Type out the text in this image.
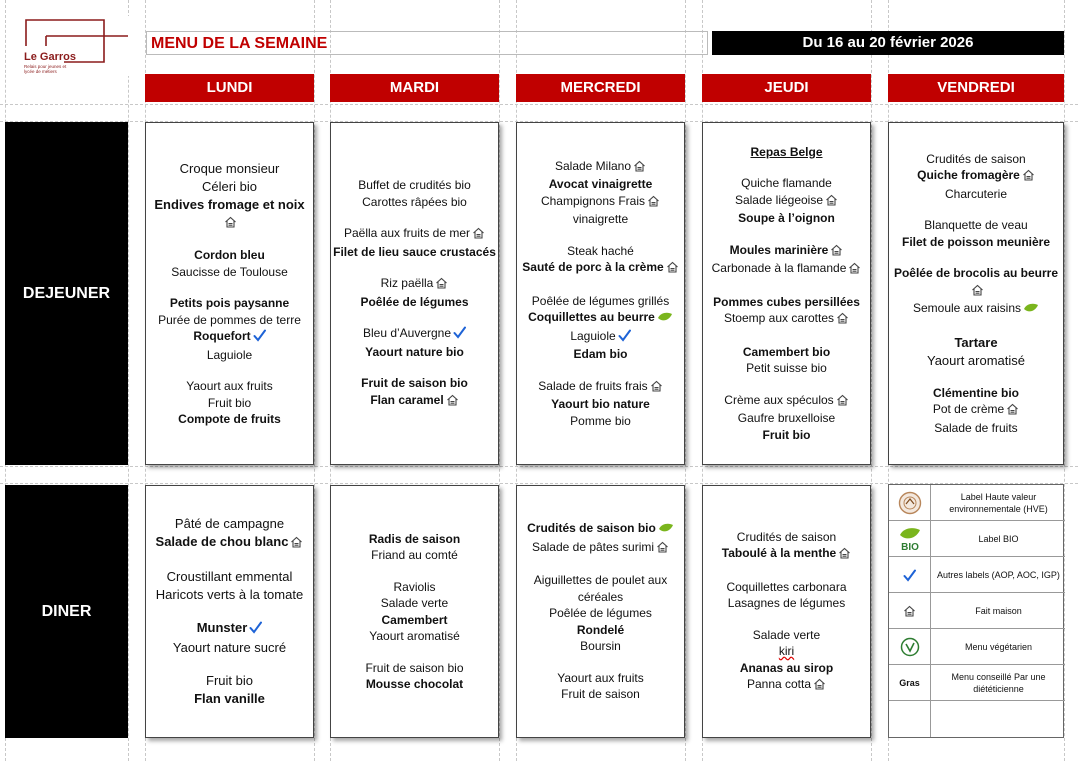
Le Garros
Relais pour jeunes et lycée de métiers
MENU DE LA SEMAINE	Du 16 au 20 février 2026
LUNDI	MARDI	MERCREDI	JEUDI	VENDREDI
DEJEUNER
DINER
Croque monsieur
Céleri bio
Endives fromage et noix
Cordon bleu
Saucisse de Toulouse
Petits pois paysanne
Purée de pommes de terre
Roquefort
Laguiole
Yaourt aux fruits
Fruit bio
Compote de fruits
Buffet de crudités bio
Carottes râpées bio
Paëlla aux fruits de mer
Filet de lieu sauce crustacés
Riz paëlla
Poêlée de légumes
Bleu d’Auvergne
Yaourt nature bio
Fruit de saison bio
Flan caramel
Salade Milano
Avocat vinaigrette
Champignons Frais
vinaigrette
Steak haché
Sauté de porc à la crème
Poêlée de légumes grillés
Coquillettes au beurre
Laguiole
Edam bio
Salade de fruits frais
Yaourt bio nature
Pomme bio
Repas Belge
Quiche flamande
Salade liégeoise
Soupe à l’oignon
Moules marinière
Carbonade à la flamande
Pommes cubes persillées
Stoemp aux carottes
Camembert bio
Petit suisse bio
Crème aux spéculos
Gaufre bruxelloise
Fruit bio
Crudités de saison
Quiche fromagère
Charcuterie
Blanquette de veau
Filet de poisson meunière
Poêlée de brocolis au beurre
Semoule aux raisins
Tartare
Yaourt aromatisé
Clémentine bio
Pot de crème
Salade de fruits
Pâté de campagne
Salade de chou blanc
Croustillant emmental
Haricots verts à la tomate
Munster
Yaourt nature sucré
Fruit bio
Flan vanille
Radis de saison
Friand au comté
Raviolis
Salade verte
Camembert
Yaourt aromatisé
Fruit de saison bio
Mousse chocolat
Crudités de saison bio
Salade de pâtes surimi
Aiguillettes de poulet aux
céréales
Poêlée de légumes
Rondelé
Boursin
Yaourt aux fruits
Fruit de saison
Crudités de saison
Taboulé à la menthe
Coquillettes carbonara
Lasagnes de légumes
Salade verte
kiri
Ananas au sirop
Panna cotta
Label Haute valeur environnementale (HVE)
BIO
Label BIO
Autres labels (AOP, AOC, IGP)
Fait maison
Menu végétarien
Gras
Menu conseillé Par une diététicienne
